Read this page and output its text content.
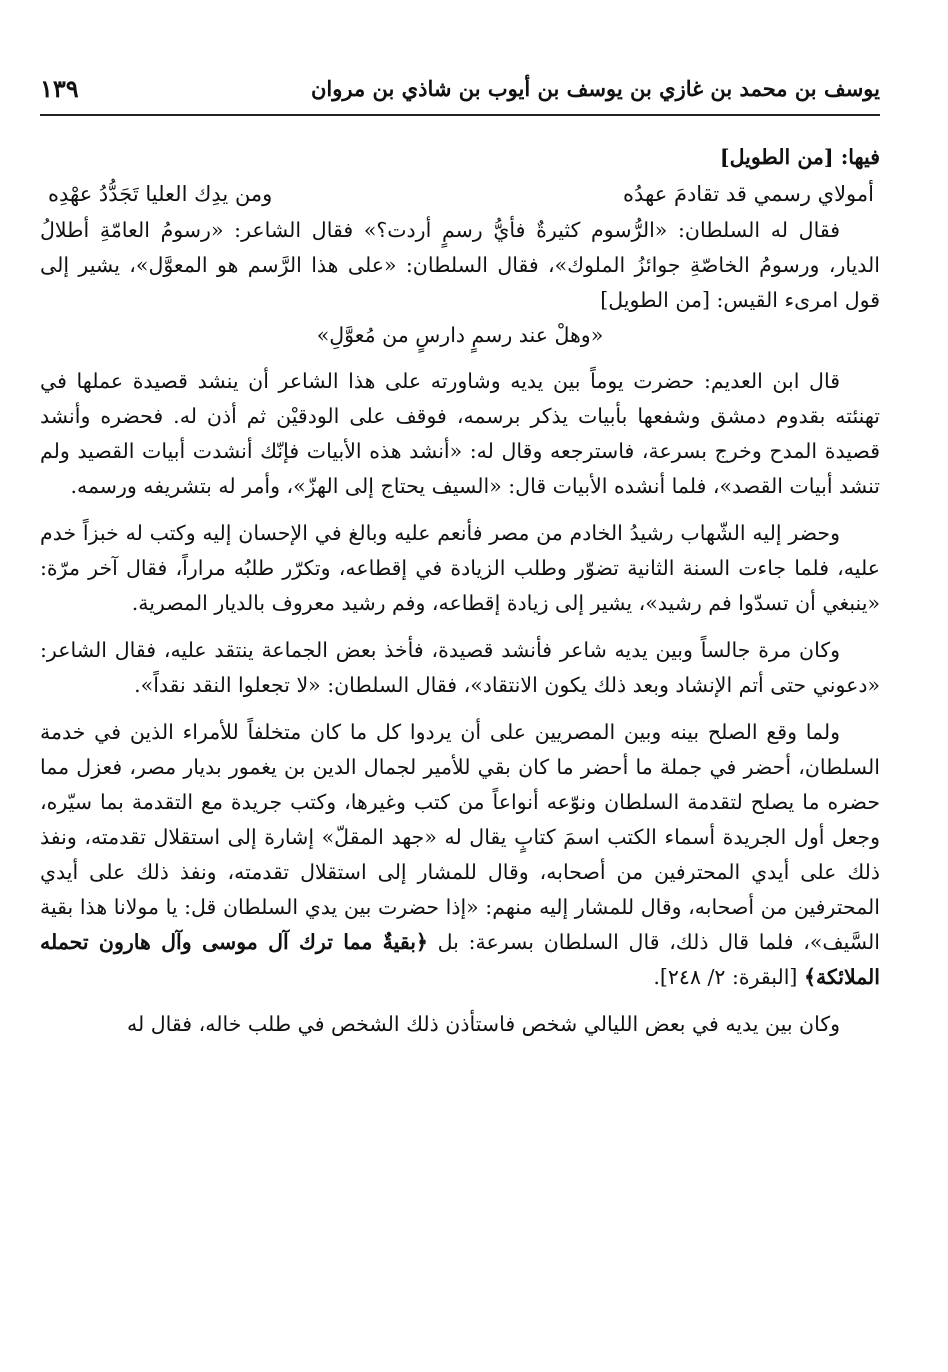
يوسف بن محمد بن غازي بن يوسف بن أيوب بن شاذي بن مروان
١٣٩

فيها: [من الطويل]

أمولاي رسمي قد تقادمَ عهدُه
ومن يدِك العليا تَجَدُّدُ عهْدِه

فقال له السلطان: «الرُّسوم كثيرةٌ فأيُّ رسمٍ أردت؟» فقال الشاعر: «رسومُ العامّةِ أطلالُ الديار، ورسومُ الخاصّةِ جوائزُ الملوك»، فقال السلطان: «على هذا الرَّسم هو المعوَّل»، يشير إلى قول امرىء القيس: [من الطويل]

«وهلْ عند رسمٍ دارسٍ من مُعوَّلِ»

قال ابن العديم: حضرت يوماً بين يديه وشاورته على هذا الشاعر أن ينشد قصيدة عملها في تهنئته بقدوم دمشق وشفعها بأبيات يذكر برسمه، فوقف على الودقيْن ثم أذن له. فحضره وأنشد قصيدة المدح وخرج بسرعة، فاسترجعه وقال له: «أنشد هذه الأبيات فإنّك أنشدت أبيات القصيد ولم تنشد أبيات القصد»، فلما أنشده الأبيات قال: «السيف يحتاج إلى الهزّ»، وأمر له بتشريفه ورسمه.

وحضر إليه الشّهاب رشيدُ الخادم من مصر فأنعم عليه وبالغ في الإحسان إليه وكتب له خبزاً خدم عليه، فلما جاءت السنة الثانية تضوّر وطلب الزيادة في إقطاعه، وتكرّر طلبُه مراراً، فقال آخر مرّة: «ينبغي أن تسدّوا فم رشيد»، يشير إلى زيادة إقطاعه، وفم رشيد معروف بالديار المصرية.

وكان مرة جالساً وبين يديه شاعر فأنشد قصيدة، فأخذ بعض الجماعة ينتقد عليه، فقال الشاعر: «دعوني حتى أتم الإنشاد وبعد ذلك يكون الانتقاد»، فقال السلطان: «لا تجعلوا النقد نقداً».

ولما وقع الصلح بينه وبين المصريين على أن يردوا كل ما كان متخلفاً للأمراء الذين في خدمة السلطان، أحضر في جملة ما أحضر ما كان بقي للأمير لجمال الدين بن يغمور بديار مصر، فعزل مما حضره ما يصلح لتقدمة السلطان ونوّعه أنواعاً من كتب وغيرها، وكتب جريدة مع التقدمة بما سيّره، وجعل أول الجريدة أسماء الكتب اسمَ كتابٍ يقال له «جهد المقلّ» إشارة إلى استقلال تقدمته، ونفذ ذلك على أيدي المحترفين من أصحابه، وقال للمشار إلى استقلال تقدمته، ونفذ ذلك على أيدي المحترفين من أصحابه، وقال للمشار إليه منهم: «إذا حضرت بين يدي السلطان قل: يا مولانا هذا بقية السَّيف»، فلما قال ذلك، قال السلطان بسرعة: بل ﴿بقيةٌ مما ترك آل موسى وآل هارون تحمله الملائكة﴾ [البقرة: ٢/ ٢٤٨].

وكان بين يديه في بعض الليالي شخص فاستأذن ذلك الشخص في طلب خاله، فقال له
